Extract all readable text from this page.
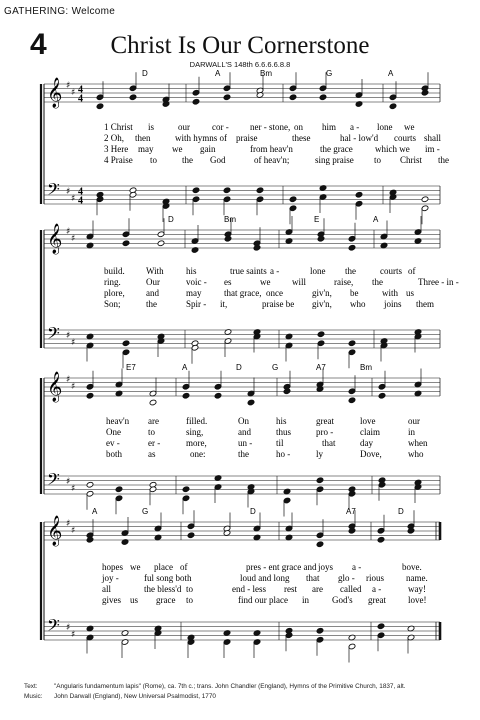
GATHERING: Welcome
4	Christ Is Our Cornerstone
DARWALL'S 148th 6.6.6.6.8.8
𝄞
𝄢
♯
♯
♯
♯
4
4
4
4
D	A	Bm	G	A
1 Christ is	our cor - ner - stone, on him a - lone we
2 Oh, then	with hymns of praise	these	hal - low'd courts shall
3 Here may we gain	from heav'n	the grace which we im -
4 Praise to	the God	of heav'n;	sing praise to Christ the
𝄞
𝄢
♯
♯
♯
♯
D	Bm	E	A
build. With his	true saints a -	lone the	courts of
ring.	Our	voic - es	we will	raise, the	Three - in -
plore, and	may	that grace, once	giv'n, be	with us
Son;	the	Spir - it,	praise be giv'n, who joins them
𝄞
𝄢
♯
♯
♯
♯
E7	A	D	G	A7	Bm
heav'n are	filled.	On	his	great	love	our
One	to	sing,	and	thus	pro -	claim	in
ev -	er -	more,	un -	til	that	day	when
both	as	one:	the	ho -	ly	Dove,	who
𝄞
𝄢
♯
♯
♯
♯
A	G	D	A7	D
hopes we place of	pres - ent grace and joys a -	bove.
joy -	ful song both	loud and long that glo - rious name.
all	the bless'd to	end - less rest are called a -	way!
gives us grace to	find our place in	God's great love!
Text:	"Angularis fundamentum lapis" (Rome), ca. 7th c.; trans. John Chandler (England), Hymns of the Primitive Church, 1837, alt.
Music: John Darwall (England), New Universal Psalmodist, 1770
